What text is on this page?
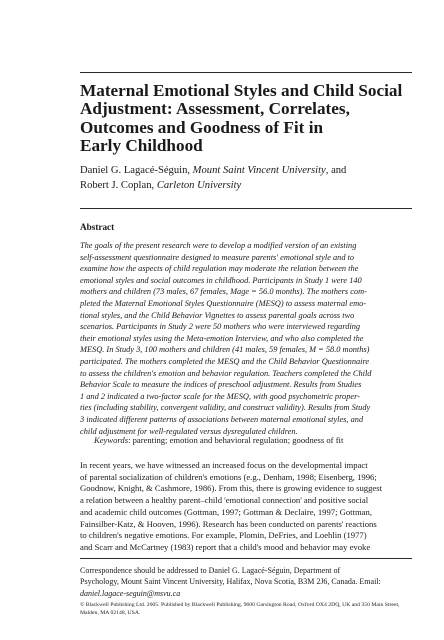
Maternal Emotional Styles and Child Social
Adjustment: Assessment, Correlates,
Outcomes and Goodness of Fit in
Early Childhood
Daniel G. Lagacé-Séguin, Mount Saint Vincent University, and
Robert J. Coplan, Carleton University
Abstract
The goals of the present research were to develop a modified version of an existing
self-assessment questionnaire designed to measure parents' emotional style and to
examine how the aspects of child regulation may moderate the relation between the
emotional styles and social outcomes in childhood. Participants in Study 1 were 140
mothers and children (73 males, 67 females, Mage = 56.0 months). The mothers com-
pleted the Maternal Emotional Styles Questionnaire (MESQ) to assess maternal emo-
tional styles, and the Child Behavior Vignettes to assess parental goals across two
scenarios. Participants in Study 2 were 50 mothers who were interviewed regarding
their emotional styles using the Meta-emotion Interview, and who also completed the
MESQ. In Study 3, 100 mothers and children (41 males, 59 females, M = 58.0 months)
participated. The mothers completed the MESQ and the Child Behavior Questionnaire
to assess the children's emotion and behavior regulation. Teachers completed the Child
Behavior Scale to measure the indices of preschool adjustment. Results from Studies
1 and 2 indicated a two-factor scale for the MESQ, with good psychometric proper-
ties (including stability, convergent validity, and construct validity). Results from Study
3 indicated different patterns of associations between maternal emotional styles, and
child adjustment for well-regulated versus dysregulated children.
Keywords: parenting; emotion and behavioral regulation; goodness of fit
In recent years, we have witnessed an increased focus on the developmental impact
of parental socialization of children's emotions (e.g., Denham, 1998; Eisenberg, 1996;
Goodnow, Knight, & Cashmore, 1986). From this, there is growing evidence to suggest
a relation between a healthy parent–child 'emotional connection' and positive social
and academic child outcomes (Gottman, 1997; Gottman & Declaire, 1997; Gottman,
Fainsilber-Katz, & Hooven, 1996). Research has been conducted on parents' reactions
to children's negative emotions. For example, Plomin, DeFries, and Loehlin (1977)
and Scarr and McCartney (1983) report that a child's mood and behavior may evoke
Correspondence should be addressed to Daniel G. Lagacé-Séguin, Department of
Psychology, Mount Saint Vincent University, Halifax, Nova Scotia, B3M 2J6, Canada. Email:
daniel.lagace-seguin@msvu.ca
© Blackwell Publishing Ltd. 2005. Published by Blackwell Publishing, 9600 Garsington Road, Oxford OX4 2DQ, UK and 350 Main Street,
Malden, MA 02148, USA.
